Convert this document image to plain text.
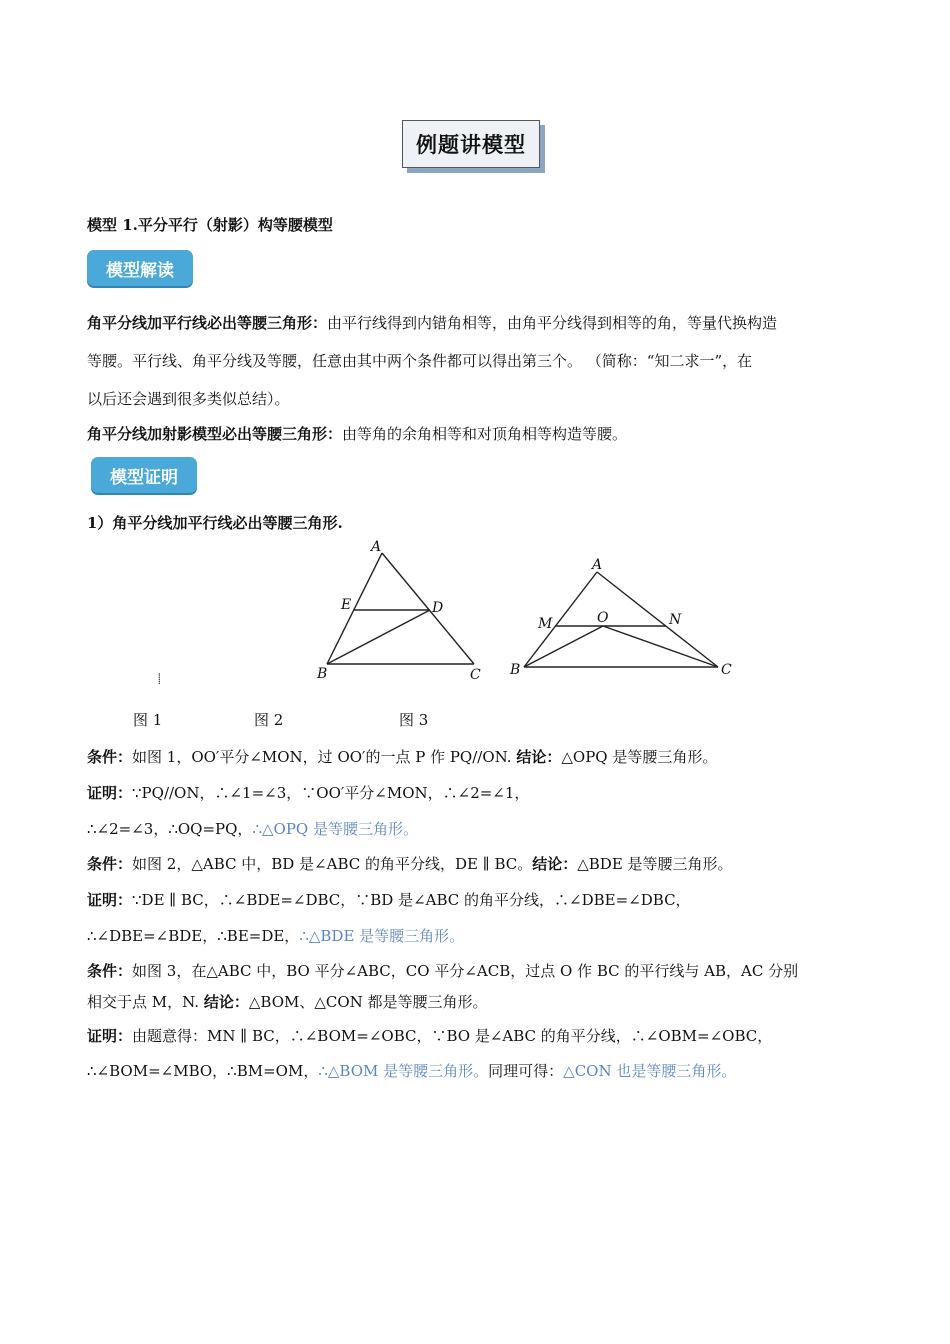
例题讲模型
模型 1.平分平行（射影）构等腰模型
模型解读
角平分线加平行线必出等腰三角形：由平行线得到内错角相等，由角平分线得到相等的角，等量代换构造
等腰。平行线、角平分线及等腰，任意由其中两个条件都可以得出第三个。 （简称：“知二求一”，在
以后还会遇到很多类似总结）。
角平分线加射影模型必出等腰三角形：由等角的余角相等和对顶角相等构造等腰。
模型证明
1）角平分线加平行线必出等腰三角形.
⸽
A
E	D
B	C
A
M	O	N
B	C
图 1	图 2	图 3
条件：如图 1，OO′平分∠MON，过 OO′的一点 P 作 PQ//ON. 结论：△OPQ 是等腰三角形。
证明：∵PQ//ON，∴∠1=∠3，∵OO′平分∠MON，∴∠2=∠1，
∴∠2=∠3，∴OQ=PQ，∴△OPQ 是等腰三角形。
条件：如图 2，△ABC 中，BD 是∠ABC 的角平分线，DE ∥ BC。结论：△BDE 是等腰三角形。
证明：∵DE ∥ BC，∴∠BDE=∠DBC，∵BD 是∠ABC 的角平分线，∴∠DBE=∠DBC，
∴∠DBE=∠BDE，∴BE=DE，∴△BDE 是等腰三角形。
条件：如图 3，在△ABC 中，BO 平分∠ABC，CO 平分∠ACB，过点 O 作 BC 的平行线与 AB，AC 分别
相交于点 M，N. 结论：△BOM、△CON 都是等腰三角形。
证明：由题意得：MN ∥ BC，∴∠BOM=∠OBC，∵BO 是∠ABC 的角平分线，∴∠OBM=∠OBC，
∴∠BOM=∠MBO，∴BM=OM，∴△BOM 是等腰三角形。同理可得：△CON 也是等腰三角形。
